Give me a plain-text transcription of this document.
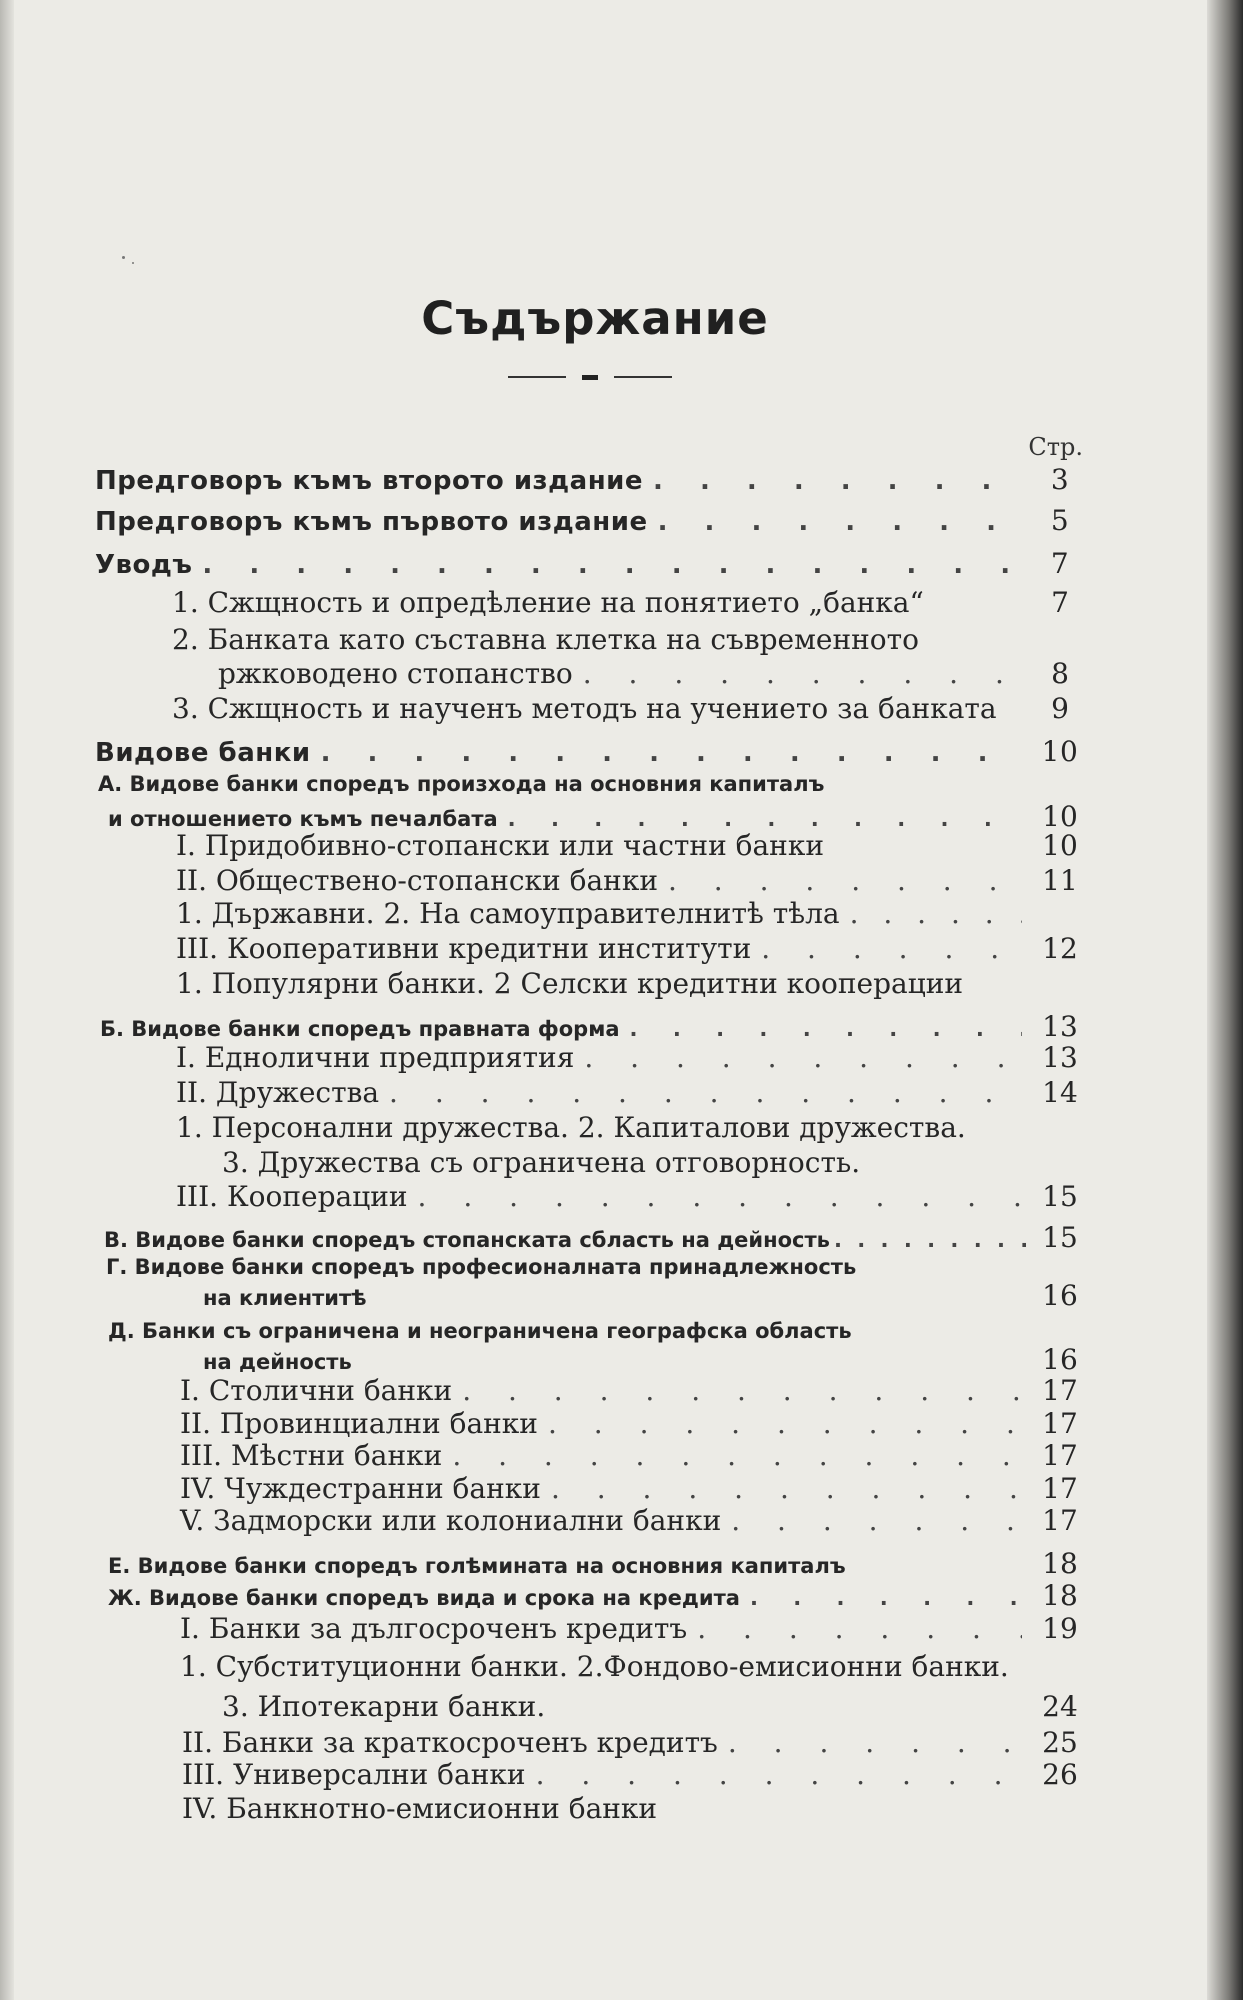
Съдържание
Стр.
Предговоръ къмъ второто издание . . .	3
Предговоръ къмъ първото издание . . .	5
Уводъ . . .	7
1. Сжщность и опредѣление на понятието „банка“	7
2. Банката като съставна клетка на съвременното
ржководено стопанство . . .	8
3. Сжщность и наученъ методъ на учението за банката	9
Видове банки . . .	10
А. Видове банки споредъ произхода на основния капиталъ
и отношението къмъ печалбата . . .	10
I. Придобивно-стопански или частни банки	10
II. Обществено-стопански банки . . .	11
1. Държавни. 2. На самоуправителнитѣ тѣла
. . .
III. Кооперативни кредитни институти . . .	12
1. Популярни банки. 2 Селски кредитни кооперации
Б. Видове банки споредъ правната форма . . .	13
I. Еднолични предприятия . . .	13
II. Дружества . . .	14
1. Персонални дружества. 2. Капиталови дружества.
3. Дружества съ ограничена отговорность.
III. Кооперации . . .	15
В. Видове банки споредъ стопанската сбласть на дейность . . .	15
Г. Видове банки споредъ професионалната принадлежность
на клиентитѣ	16
Д. Банки съ ограничена и неограничена географска область
на дейность	16
I. Столични банки . . .	17
II. Провинциални банки . . .	17
III. Мѣстни банки . . .	17
IV. Чуждестранни банки . . .	17
V. Задморски или колониални банки . . .	17
Е. Видове банки споредъ голѣмината на основния капиталъ	18
Ж. Видове банки споредъ вида и срока на кредита . . .	18
I. Банки за дългосроченъ кредитъ . . .	19
1. Субституционни банки. 2.Фондово-емисионни банки.
3. Ипотекарни банки.	24
II. Банки за краткосроченъ кредитъ . . .	25
III. Универсални банки . . .	26
IV. Банкнотно-емисионни банки
